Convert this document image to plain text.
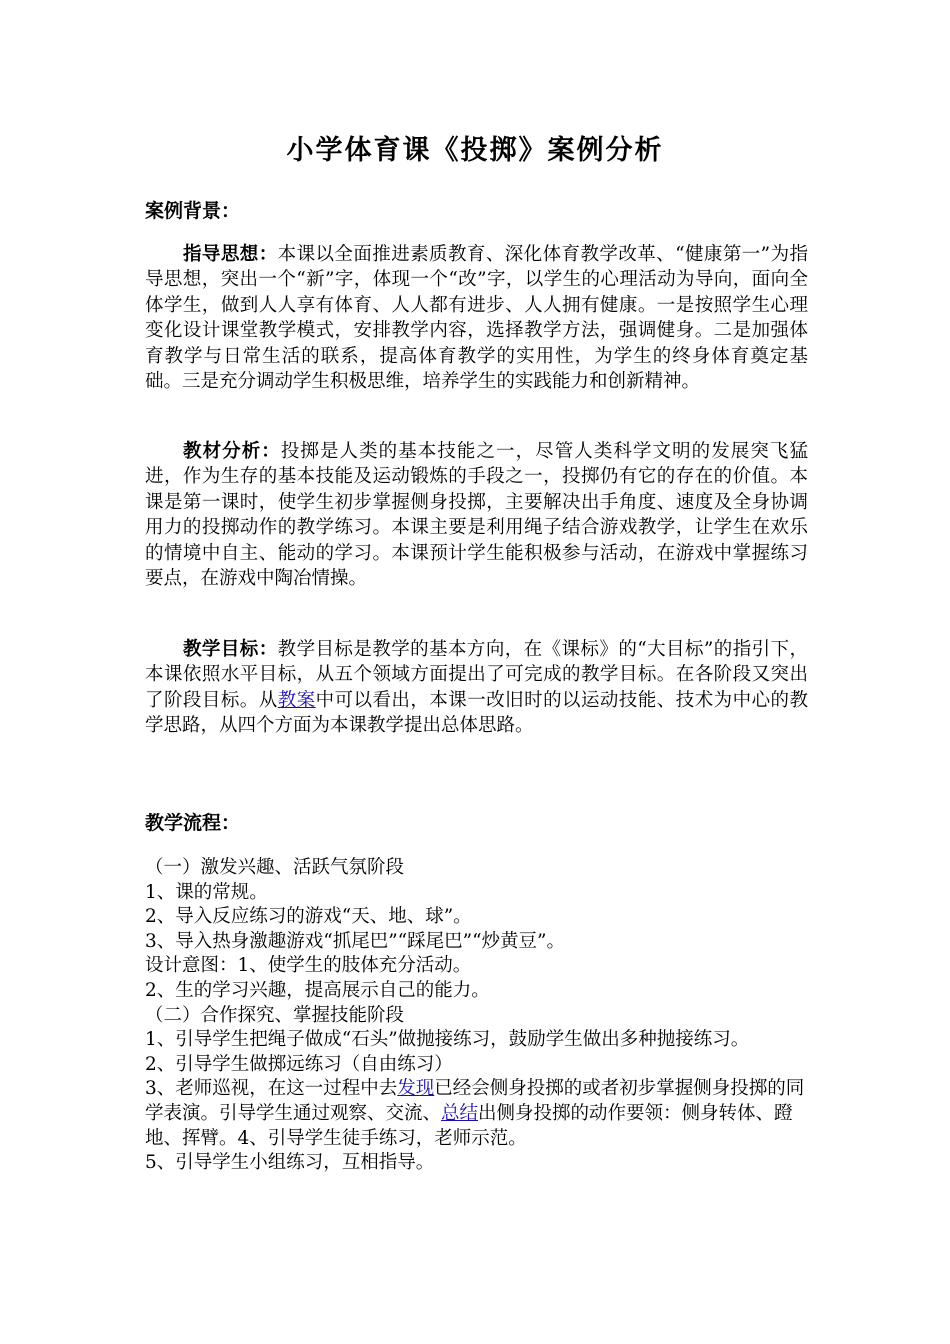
小学体育课《投掷》案例分析
案例背景：

指导思想：本课以全面推进素质教育、深化体育教学改革、“健康第一”为指导思想，突出一个“新”字，体现一个“改”字，以学生的心理活动为导向，面向全体学生，做到人人享有体育、人人都有进步、人人拥有健康。一是按照学生心理变化设计课堂教学模式，安排教学内容，选择教学方法，强调健身。二是加强体育教学与日常生活的联系，提高体育教学的实用性，为学生的终身体育奠定基础。三是充分调动学生积极思维，培养学生的实践能力和创新精神。

教材分析：投掷是人类的基本技能之一，尽管人类科学文明的发展突飞猛进，作为生存的基本技能及运动锻炼的手段之一，投掷仍有它的存在的价值。本课是第一课时，使学生初步掌握侧身投掷，主要解决出手角度、速度及全身协调用力的投掷动作的教学练习。本课主要是利用绳子结合游戏教学，让学生在欢乐的情境中自主、能动的学习。本课预计学生能积极参与活动，在游戏中掌握练习要点，在游戏中陶冶情操。

教学目标：教学目标是教学的基本方向，在《课标》的“大目标”的指引下，本课依照水平目标，从五个领域方面提出了可完成的教学目标。在各阶段又突出了阶段目标。从教案中可以看出，本课一改旧时的以运动技能、技术为中心的教学思路，从四个方面为本课教学提出总体思路。

教学流程：
（一）激发兴趣、活跃气氛阶段
1、课的常规。
2、导入反应练习的游戏“天、地、球”。
3、导入热身激趣游戏“抓尾巴”“踩尾巴”“炒黄豆”。
设计意图：1、使学生的肢体充分活动。
2、生的学习兴趣，提高展示自己的能力。
（二）合作探究、掌握技能阶段
1、引导学生把绳子做成“石头”做抛接练习，鼓励学生做出多种抛接练习。
2、引导学生做掷远练习（自由练习）
3、老师巡视，在这一过程中去发现已经会侧身投掷的或者初步掌握侧身投掷的同学表演。引导学生通过观察、交流、总结出侧身投掷的动作要领：侧身转体、蹬地、挥臂。4、引导学生徒手练习，老师示范。
5、引导学生小组练习，互相指导。
